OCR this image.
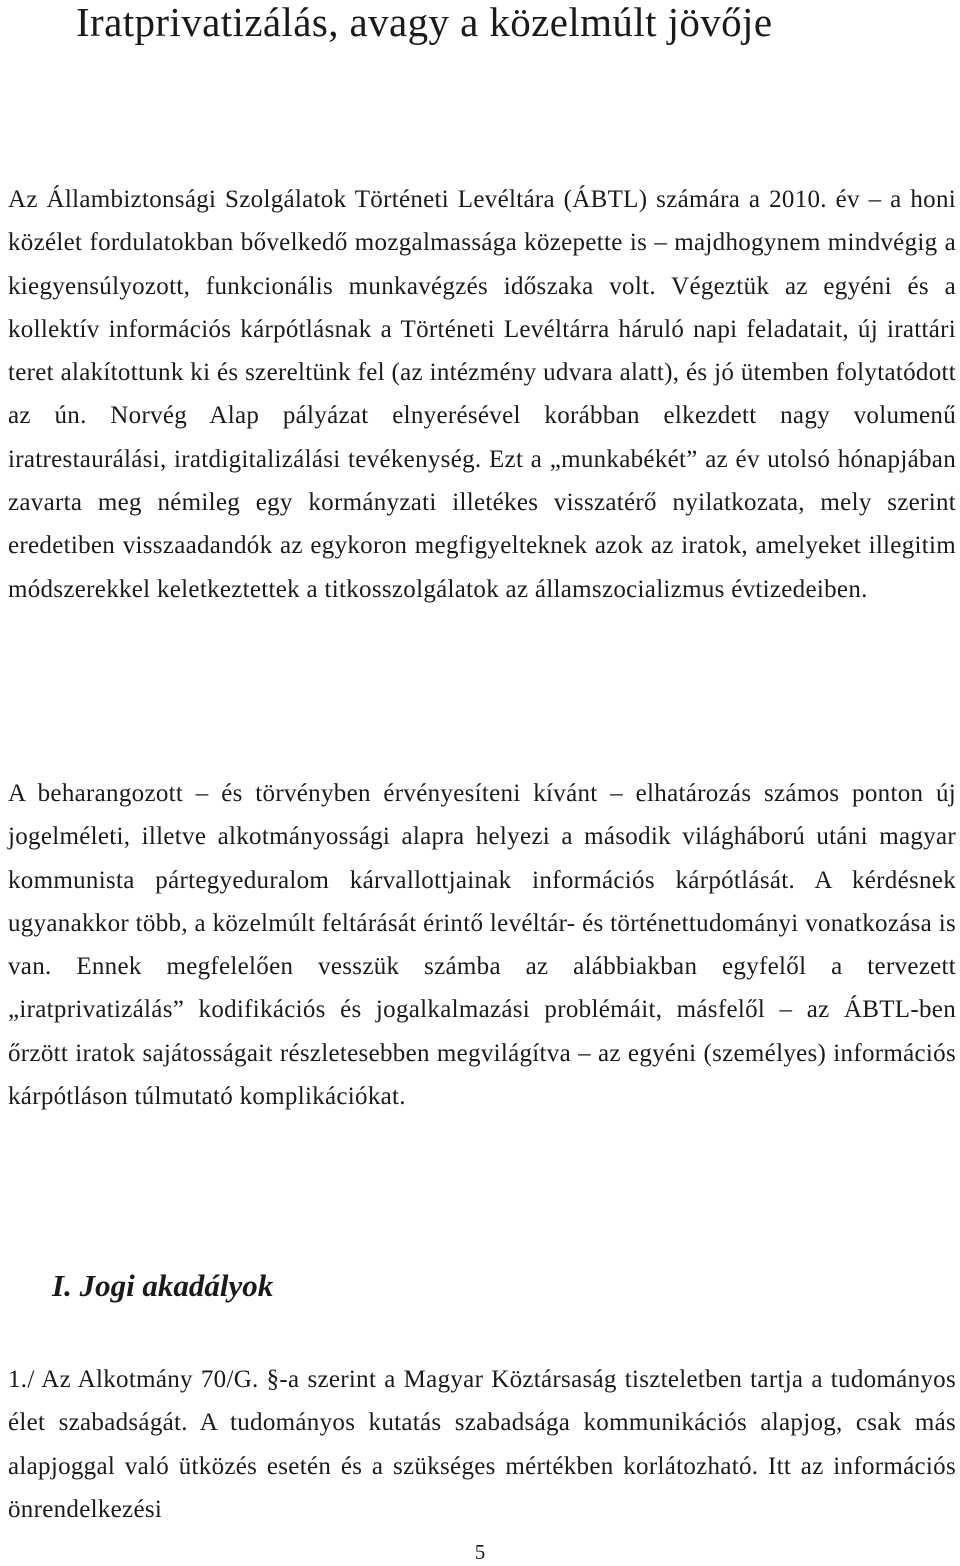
Iratprivatizálás, avagy a közelmúlt jövője

Az Állambiztonsági Szolgálatok Történeti Levéltára (ÁBTL) számára a 2010. év – a honi közélet fordulatokban bővelkedő mozgalmassága közepette is – majdhogynem mindvégig a kiegyensúlyozott, funkcionális munkavégzés időszaka volt. Végeztük az egyéni és a kollektív információs kárpótlásnak a Történeti Levéltárra háruló napi feladatait, új irattári teret alakítottunk ki és szereltünk fel (az intézmény udvara alatt), és jó ütemben folytatódott az ún. Norvég Alap pályázat elnyerésével korábban elkezdett nagy volumenű iratrestaurálási, iratdigitalizálási tevékenység. Ezt a „munkabékét” az év utolsó hónapjában zavarta meg némileg egy kormányzati illetékes visszatérő nyilatkozata, mely szerint eredetiben visszaadandók az egykoron megfigyelteknek azok az iratok, amelyeket illegitim módszerekkel keletkeztettek a titkosszolgálatok az államszocializmus évtizedeiben.

A beharangozott – és törvényben érvényesíteni kívánt – elhatározás számos ponton új jogelméleti, illetve alkotmányossági alapra helyezi a második világháború utáni magyar kommunista pártegyeduralom kárvallottjainak információs kárpótlását. A kérdésnek ugyanakkor több, a közelmúlt feltárását érintő levéltár- és történettudományi vonatkozása is van. Ennek megfelelően vesszük számba az alábbiakban egyfelől a tervezett „iratprivatizálás” kodifikációs és jogalkalmazási problémáit, másfelől – az ÁBTL-ben őrzött iratok sajátosságait részletesebben megvilágítva – az egyéni (személyes) információs kárpótláson túlmutató komplikációkat.

I. Jogi akadályok

1./ Az Alkotmány 70/G. §-a szerint a Magyar Köztársaság tiszteletben tartja a tudományos élet szabadságát. A tudományos kutatás szabadsága kommunikációs alapjog, csak más alapjoggal való ütközés esetén és a szükséges mértékben korlátozható. Itt az információs önrendelkezési

5
